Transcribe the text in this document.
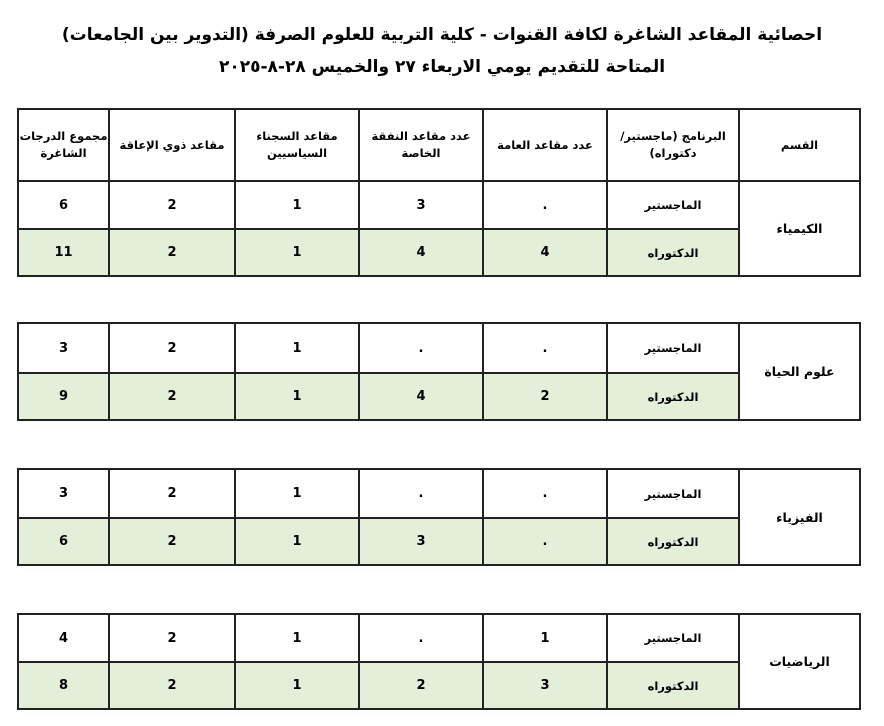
احصائية المقاعد الشاغرة لكافة القنوات - كلية التربية للعلوم الصرفة (التدوير بين الجامعات)
المتاحة للتقديم يومي الاربعاء ٢٧ والخميس ٢٨-٨-٢٠٢٥
القسم	البرنامج (ماجستير/دكتوراه)	عدد مقاعد العامة	عدد مقاعد النفقة الخاصة	مقاعد السجناء السياسيين	مقاعد ذوي الإعاقة	مجموع الدرجات الشاغرة
الكيمياء	الماجستير	.	3	1	2	6
	الدكتوراه	4	4	1	2	11
علوم الحياة	الماجستير	.	.	1	2	3
	الدكتوراه	2	4	1	2	9
الفيزياء	الماجستير	.	.	1	2	3
	الدكتوراه	.	3	1	2	6
الرياضيات	الماجستير	1	.	1	2	4
	الدكتوراه	3	2	1	2	8
